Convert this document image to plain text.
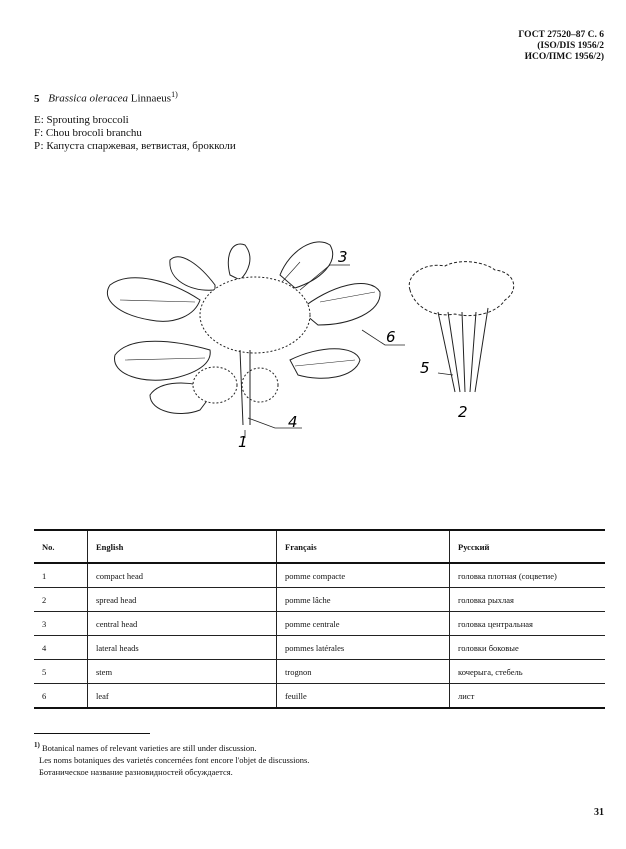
ГОСТ 27520–87 С. 6
(ISO/DIS 1956/2
ИСО/ПМС 1956/2)
5 Brassica oleracea Linnaeus$^{1)}$
E: Sprouting broccoli
F: Chou brocoli branchu
Р: Капуста спаржевая, ветвистая, брокколи
3
6
5
4
1
2
No.	English	Français	Русский
1	compact head	pomme compacte	головка плотная (соцветие)
2	spread head	pomme lâche	головка рыхлая
3	central head	pomme centrale	головка центральная
4	lateral heads	pommes latérales	головки боковые
5	stem	trognon	кочерыга, стебель
6	leaf	feuille	лист
$^{1)}$ Botanical names of relevant varieties are still under discussion.
Les noms botaniques des varietés concernées font encore l'objet de discussions.
Ботаническое название разновидностей обсуждается.
31
